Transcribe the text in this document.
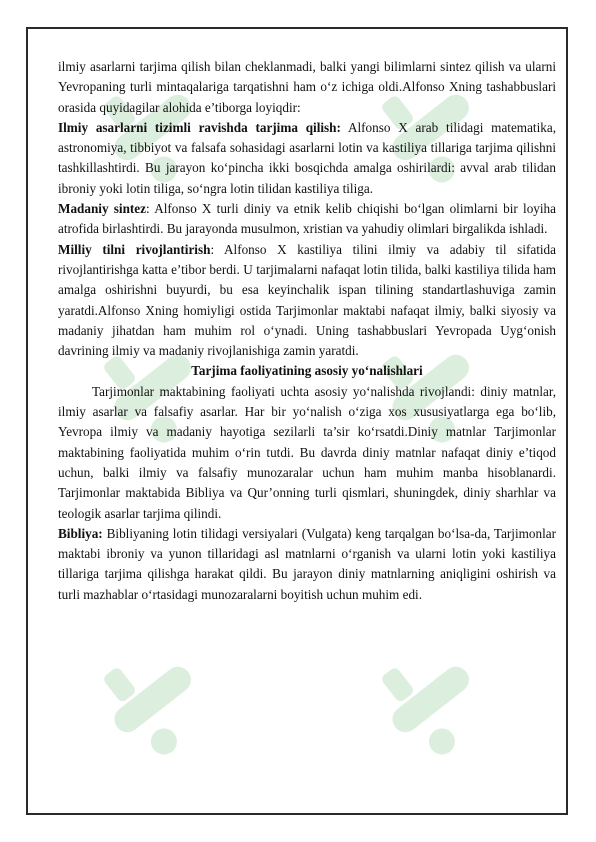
ilmiy asarlarni tarjima qilish bilan cheklanmadi, balki yangi bilimlarni sintez qilish va ularni Yevropaning turli mintaqalariga tarqatishni ham o‘z ichiga oldi.Alfonso Xning tashabbuslari orasida quyidagilar alohida e’tiborga loyiqdir:

Ilmiy asarlarni tizimli ravishda tarjima qilish: Alfonso X arab tilidagi matematika, astronomiya, tibbiyot va falsafa sohasidagi asarlarni lotin va kastiliya tillariga tarjima qilishni tashkillashtirdi. Bu jarayon ko‘pincha ikki bosqichda amalga oshirilardi: avval arab tilidan ibroniy yoki lotin tiliga, so‘ngra lotin tilidan kastiliya tiliga.

Madaniy sintez: Alfonso X turli diniy va etnik kelib chiqishi bo‘lgan olimlarni bir loyiha atrofida birlashtirdi. Bu jarayonda musulmon, xristian va yahudiy olimlari birgalikda ishladi.

Milliy tilni rivojlantirish: Alfonso X kastiliya tilini ilmiy va adabiy til sifatida rivojlantirishga katta e’tibor berdi. U tarjimalarni nafaqat lotin tilida, balki kastiliya tilida ham amalga oshirishni buyurdi, bu esa keyinchalik ispan tilining standartlashuviga zamin yaratdi.Alfonso Xning homiyligi ostida Tarjimonlar maktabi nafaqat ilmiy, balki siyosiy va madaniy jihatdan ham muhim rol o‘ynadi. Uning tashabbuslari Yevropada Uyg‘onish davrining ilmiy va madaniy rivojlanishiga zamin yaratdi.

Tarjima faoliyatining asosiy yo‘nalishlari

Tarjimonlar maktabining faoliyati uchta asosiy yo‘nalishda rivojlandi: diniy matnlar, ilmiy asarlar va falsafiy asarlar. Har bir yo‘nalish o‘ziga xos xususiyatlarga ega bo‘lib, Yevropa ilmiy va madaniy hayotiga sezilarli ta’sir ko‘rsatdi.Diniy matnlar Tarjimonlar maktabining faoliyatida muhim o‘rin tutdi. Bu davrda diniy matnlar nafaqat diniy e’tiqod uchun, balki ilmiy va falsafiy munozaralar uchun ham muhim manba hisoblanardi. Tarjimonlar maktabida Bibliya va Qur’onning turli qismlari, shuningdek, diniy sharhlar va teologik asarlar tarjima qilindi.

Bibliya: Bibliyaning lotin tilidagi versiyalari (Vulgata) keng tarqalgan bo‘lsa-da, Tarjimonlar maktabi ibroniy va yunon tillaridagi asl matnlarni o‘rganish va ularni lotin yoki kastiliya tillariga tarjima qilishga harakat qildi. Bu jarayon diniy matnlarning aniqligini oshirish va turli mazhablar o‘rtasidagi munozaralarni boyitish uchun muhim edi.
